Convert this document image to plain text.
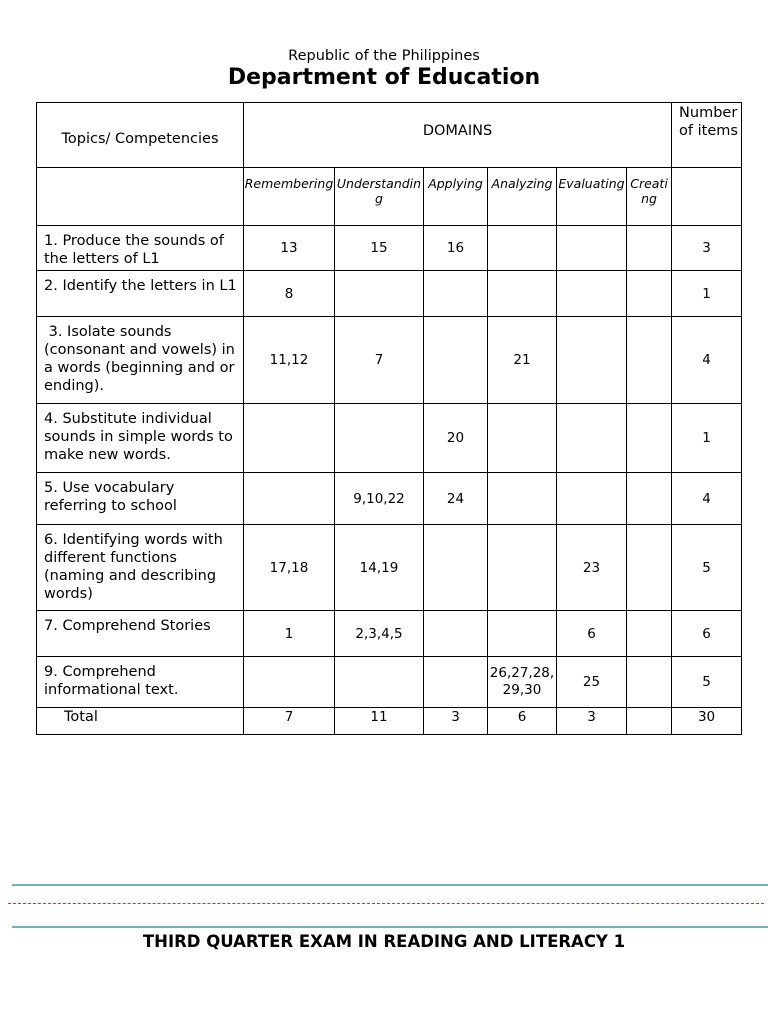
Republic of the Philippines
Department of Education
Topics/ Competencies	DOMAINS						Number of items
	Remembering	Understanding	Applying	Analyzing	Evaluating	Creating	
1. Produce the sounds of the letters of L1	13	15	16				3
2. Identify the letters in L1	8						1
3. Isolate sounds (consonant and vowels) in a words (beginning and or ending).	11,12	7		21			4
4. Substitute individual sounds in simple words to make new words.			20				1
5. Use vocabulary referring to school		9,10,22	24				4
6. Identifying words with different functions (naming and describing words)	17,18	14,19			23		5
7. Comprehend Stories	1	2,3,4,5			6		6
9. Comprehend informational text.				26,27,28,29,30	25		5
Total	7	11	3	6	3		30
THIRD QUARTER EXAM IN READING AND LITERACY 1
